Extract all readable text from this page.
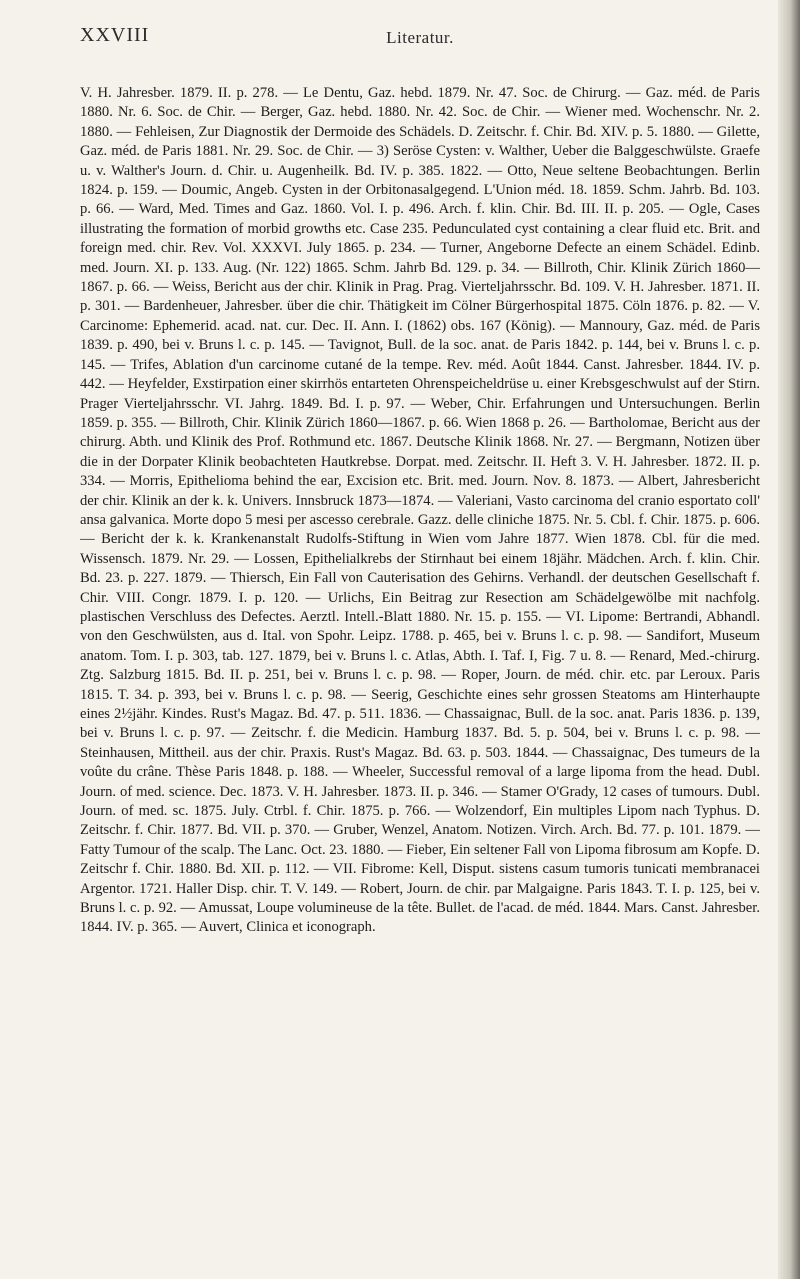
XXVIII	Literatur.

V. H. Jahresber. 1879. II. p. 278. — Le Dentu, Gaz. hebd. 1879. Nr. 47. Soc. de Chirurg. — Gaz. méd. de Paris 1880. Nr. 6. Soc. de Chir. — Berger, Gaz. hebd. 1880. Nr. 42. Soc. de Chir. — Wiener med. Wochenschr. Nr. 2. 1880. — Fehleisen, Zur Diagnostik der Dermoide des Schädels. D. Zeitschr. f. Chir. Bd. XIV. p. 5. 1880. — Gilette, Gaz. méd. de Paris 1881. Nr. 29. Soc. de Chir. — 3) Seröse Cysten: v. Walther, Ueber die Balggeschwülste. Graefe u. v. Walther's Journ. d. Chir. u. Augenheilk. Bd. IV. p. 385. 1822. — Otto, Neue seltene Beobachtungen. Berlin 1824. p. 159. — Doumic, Angeb. Cysten in der Orbitonasalgegend. L'Union méd. 18. 1859. Schm. Jahrb. Bd. 103. p. 66. — Ward, Med. Times and Gaz. 1860. Vol. I. p. 496. Arch. f. klin. Chir. Bd. III. II. p. 205. — Ogle, Cases illustrating the formation of morbid growths etc. Case 235. Pedunculated cyst containing a clear fluid etc. Brit. and foreign med. chir. Rev. Vol. XXXVI. July 1865. p. 234. — Turner, Angeborne Defecte an einem Schädel. Edinb. med. Journ. XI. p. 133. Aug. (Nr. 122) 1865. Schm. Jahrb Bd. 129. p. 34. — Billroth, Chir. Klinik Zürich 1860—1867. p. 66. — Weiss, Bericht aus der chir. Klinik in Prag. Prag. Vierteljahrsschr. Bd. 109. V. H. Jahresber. 1871. II. p. 301. — Bardenheuer, Jahresber. über die chir. Thätigkeit im Cölner Bürgerhospital 1875. Cöln 1876. p. 82. — V. Carcinome: Ephemerid. acad. nat. cur. Dec. II. Ann. I. (1862) obs. 167 (König). — Mannoury, Gaz. méd. de Paris 1839. p. 490, bei v. Bruns l. c. p. 145. — Tavignot, Bull. de la soc. anat. de Paris 1842. p. 144, bei v. Bruns l. c. p. 145. — Trifes, Ablation d'un carcinome cutané de la tempe. Rev. méd. Août 1844. Canst. Jahresber. 1844. IV. p. 442. — Heyfelder, Exstirpation einer skirrhös entarteten Ohrenspeicheldrüse u. einer Krebsgeschwulst auf der Stirn. Prager Vierteljahrsschr. VI. Jahrg. 1849. Bd. I. p. 97. — Weber, Chir. Erfahrungen und Untersuchungen. Berlin 1859. p. 355. — Billroth, Chir. Klinik Zürich 1860—1867. p. 66. Wien 1868 p. 26. — Bartholomae, Bericht aus der chirurg. Abth. und Klinik des Prof. Rothmund etc. 1867. Deutsche Klinik 1868. Nr. 27. — Bergmann, Notizen über die in der Dorpater Klinik beobachteten Hautkrebse. Dorpat. med. Zeitschr. II. Heft 3. V. H. Jahresber. 1872. II. p. 334. — Morris, Epithelioma behind the ear, Excision etc. Brit. med. Journ. Nov. 8. 1873. — Albert, Jahresbericht der chir. Klinik an der k. k. Univers. Innsbruck 1873—1874. — Valeriani, Vasto carcinoma del cranio esportato coll' ansa galvanica. Morte dopo 5 mesi per ascesso cerebrale. Gazz. delle cliniche 1875. Nr. 5. Cbl. f. Chir. 1875. p. 606. — Bericht der k. k. Krankenanstalt Rudolfs-Stiftung in Wien vom Jahre 1877. Wien 1878. Cbl. für die med. Wissensch. 1879. Nr. 29. — Lossen, Epithelialkrebs der Stirnhaut bei einem 18jähr. Mädchen. Arch. f. klin. Chir. Bd. 23. p. 227. 1879. — Thiersch, Ein Fall von Cauterisation des Gehirns. Verhandl. der deutschen Gesellschaft f. Chir. VIII. Congr. 1879. I. p. 120. — Urlichs, Ein Beitrag zur Resection am Schädelgewölbe mit nachfolg. plastischen Verschluss des Defectes. Aerztl. Intell.-Blatt 1880. Nr. 15. p. 155. — VI. Lipome: Bertrandi, Abhandl. von den Geschwülsten, aus d. Ital. von Spohr. Leipz. 1788. p. 465, bei v. Bruns l. c. p. 98. — Sandifort, Museum anatom. Tom. I. p. 303, tab. 127. 1879, bei v. Bruns l. c. Atlas, Abth. I. Taf. I, Fig. 7 u. 8. — Renard, Med.-chirurg. Ztg. Salzburg 1815. Bd. II. p. 251, bei v. Bruns l. c. p. 98. — Roper, Journ. de méd. chir. etc. par Leroux. Paris 1815. T. 34. p. 393, bei v. Bruns l. c. p. 98. — Seerig, Geschichte eines sehr grossen Steatoms am Hinterhaupte eines 2½jähr. Kindes. Rust's Magaz. Bd. 47. p. 511. 1836. — Chassaignac, Bull. de la soc. anat. Paris 1836. p. 139, bei v. Bruns l. c. p. 97. — Zeitschr. f. die Medicin. Hamburg 1837. Bd. 5. p. 504, bei v. Bruns l. c. p. 98. — Steinhausen, Mittheil. aus der chir. Praxis. Rust's Magaz. Bd. 63. p. 503. 1844. — Chassaignac, Des tumeurs de la voûte du crâne. Thèse Paris 1848. p. 188. — Wheeler, Successful removal of a large lipoma from the head. Dubl. Journ. of med. science. Dec. 1873. V. H. Jahresber. 1873. II. p. 346. — Stamer O'Grady, 12 cases of tumours. Dubl. Journ. of med. sc. 1875. July. Ctrbl. f. Chir. 1875. p. 766. — Wolzendorf, Ein multiples Lipom nach Typhus. D. Zeitschr. f. Chir. 1877. Bd. VII. p. 370. — Gruber, Wenzel, Anatom. Notizen. Virch. Arch. Bd. 77. p. 101. 1879. — Fatty Tumour of the scalp. The Lanc. Oct. 23. 1880. — Fieber, Ein seltener Fall von Lipoma fibrosum am Kopfe. D. Zeitschr f. Chir. 1880. Bd. XII. p. 112. — VII. Fibrome: Kell, Disput. sistens casum tumoris tunicati membranacei Argentor. 1721. Haller Disp. chir. T. V. 149. — Robert, Journ. de chir. par Malgaigne. Paris 1843. T. I. p. 125, bei v. Bruns l. c. p. 92. — Amussat, Loupe volumineuse de la tête. Bullet. de l'acad. de méd. 1844. Mars. Canst. Jahresber. 1844. IV. p. 365. — Auvert, Clinica et iconograph.
